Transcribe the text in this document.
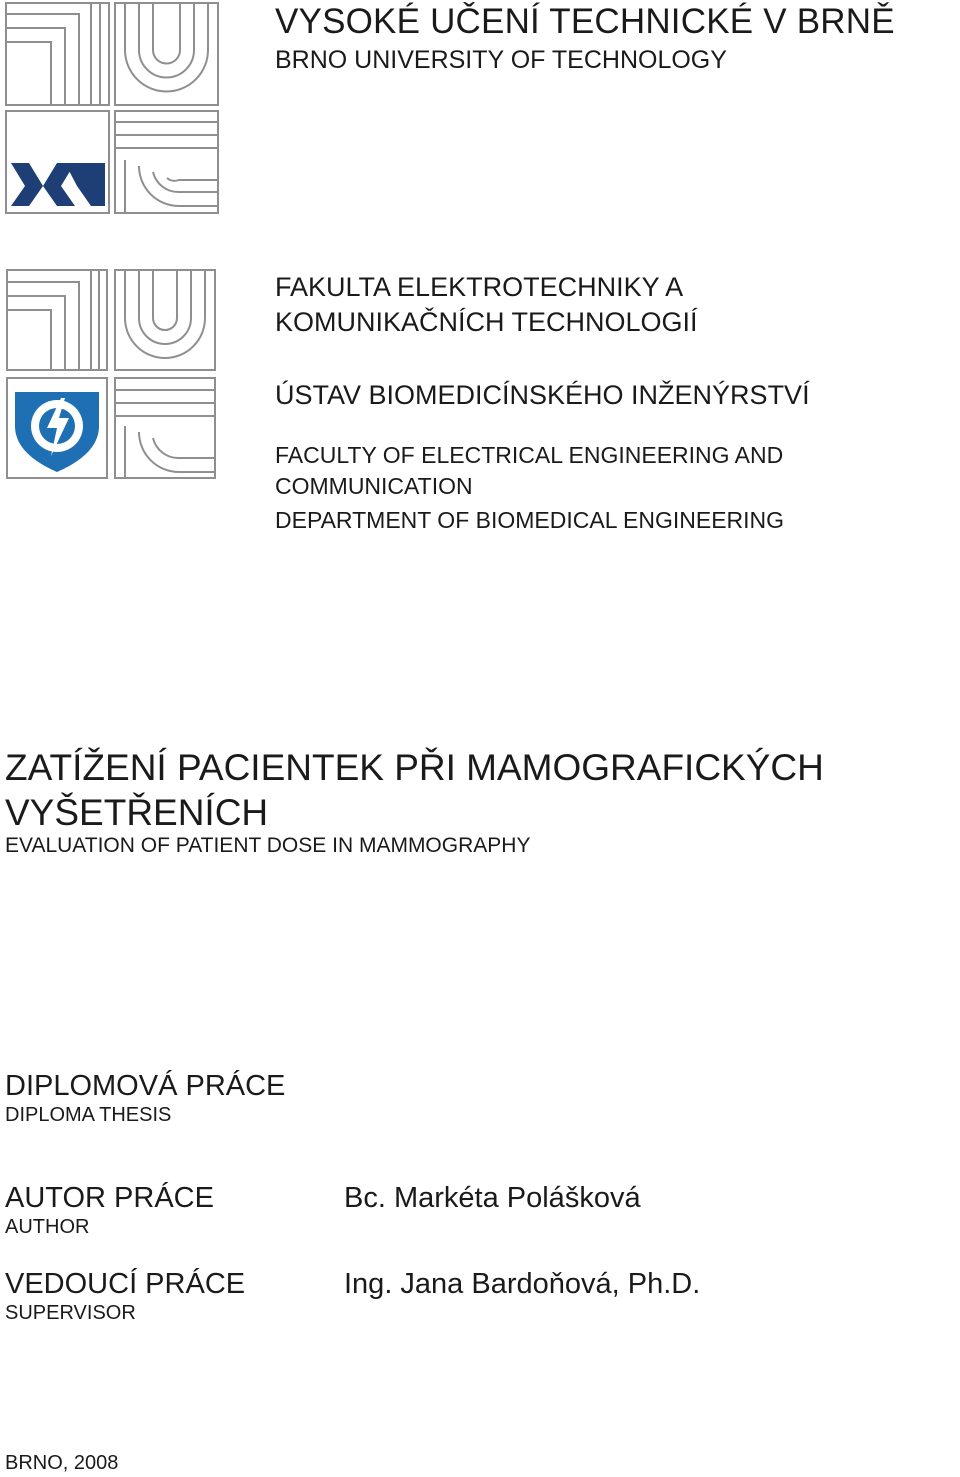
VYSOKÉ UČENÍ TECHNICKÉ V BRNĚ

BRNO UNIVERSITY OF TECHNOLOGY

FAKULTA ELEKTROTECHNIKY A KOMUNIKAČNÍCH TECHNOLOGIÍ

ÚSTAV BIOMEDICÍNSKÉHO INŽENÝRSTVÍ

FACULTY OF ELECTRICAL ENGINEERING AND COMMUNICATION

DEPARTMENT OF BIOMEDICAL ENGINEERING

ZATÍŽENÍ PACIENTEK PŘI MAMOGRAFICKÝCH VYŠETŘENÍCH

EVALUATION OF PATIENT DOSE IN MAMMOGRAPHY

DIPLOMOVÁ PRÁCE

DIPLOMA THESIS

AUTOR PRÁCE

AUTHOR

Bc. Markéta Polášková

VEDOUCÍ PRÁCE

SUPERVISOR

Ing. Jana Bardoňová, Ph.D.

BRNO, 2008
